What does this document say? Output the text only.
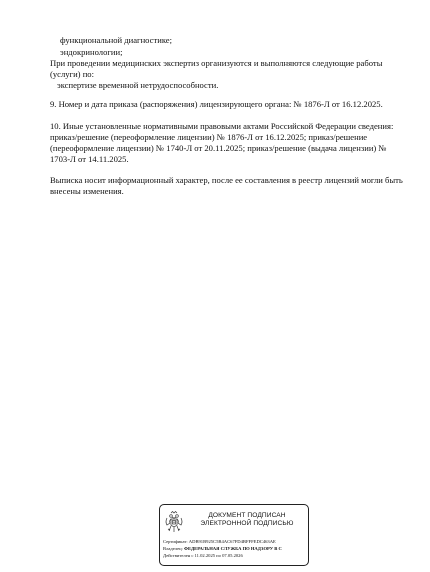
функциональной диагностике;
эндокринологии;
При проведении медицинских экспертиз организуются и выполняются следующие работы
(услуги) по:
экспертизе временной нетрудоспособности.
9. Номер и дата приказа (распоряжения) лицензирующего органа: № 1876-Л от 16.12.2025.
10. Иные установленные нормативными правовыми актами Российской Федерации сведения:
приказ/решение (переоформление лицензии) № 1876-Л от 16.12.2025; приказ/решение
(переоформление лицензии) № 1740-Л от 20.11.2025; приказ/решение (выдача лицензии) №
1703-Л от 14.11.2025.
Выписка носит информационный характер, после ее составления в реестр лицензий могли быть
внесены изменения.
ДОКУМЕНТ ПОДПИСАН
ЭЛЕКТРОННОЙ ПОДПИСЬЮ
Сертификат: ADB91B925C5B4AC67FD4BFFFEDC463AE
Владелец: ФЕДЕРАЛЬНАЯ СЛУЖБА ПО НАДЗОРУ В С
Действителен с 11.02.2025 по 07.05.2026
